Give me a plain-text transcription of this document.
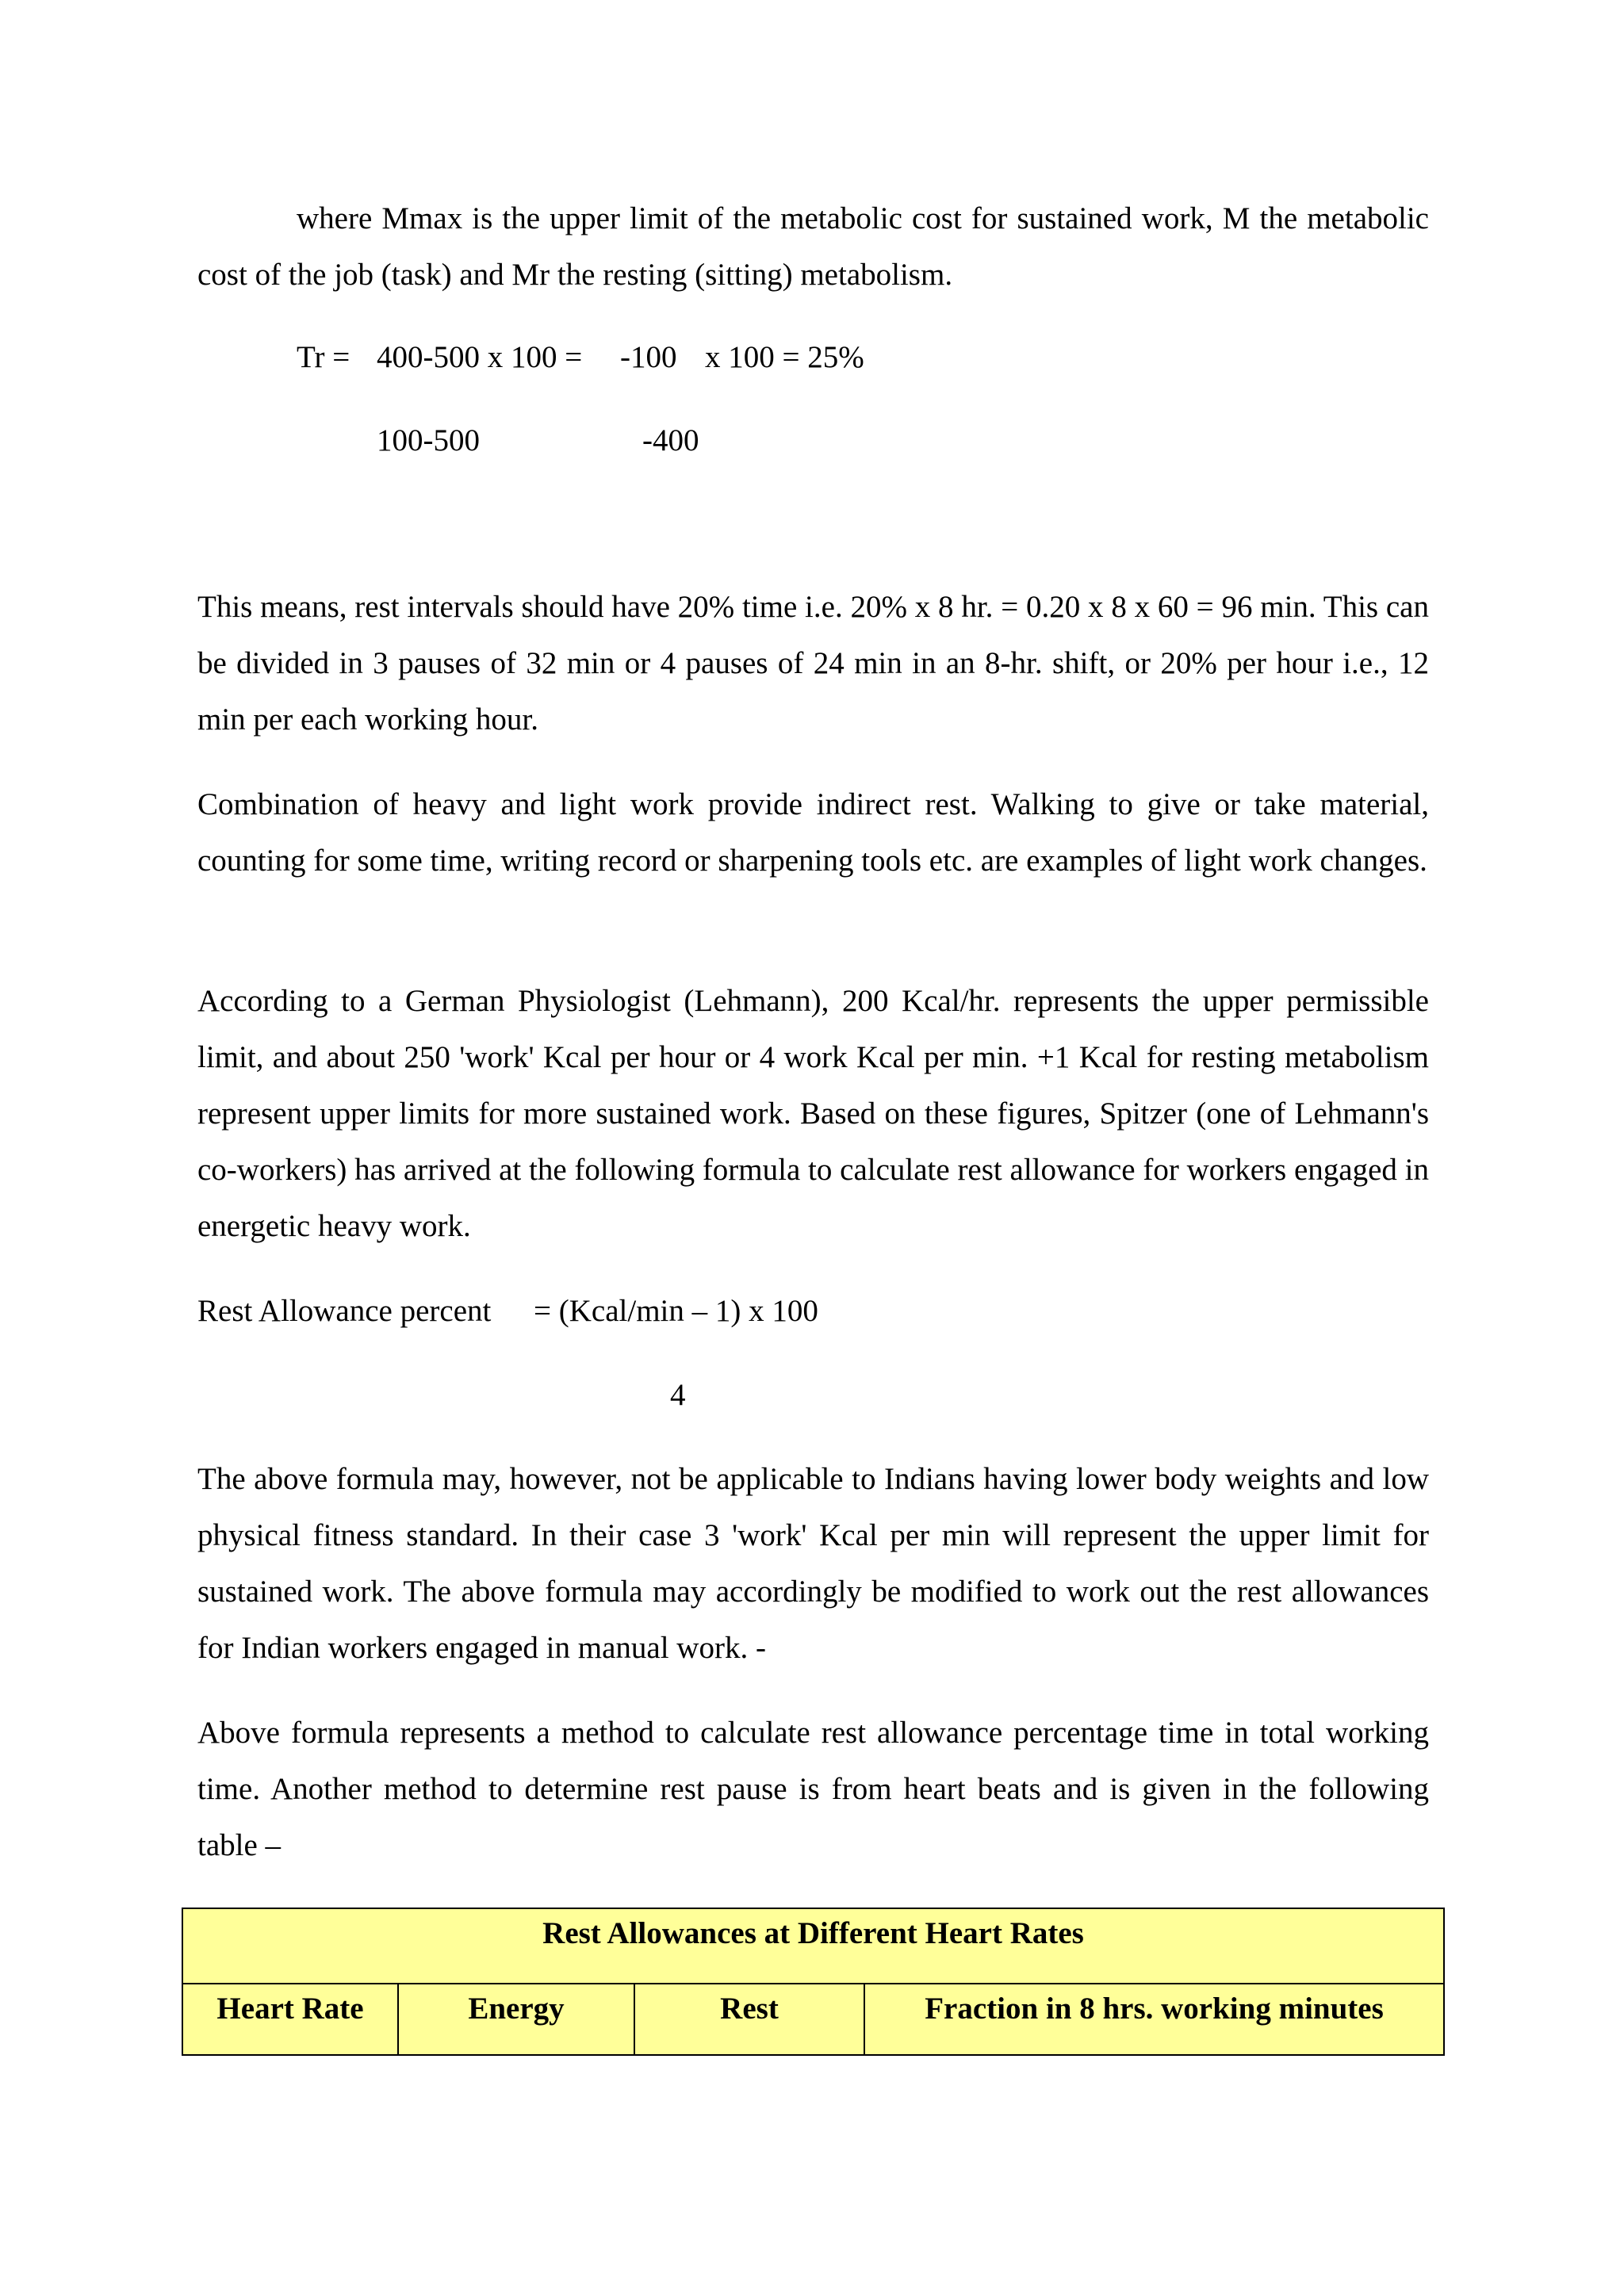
where Mmax is the upper limit of the metabolic cost for sustained work, M the metabolic cost of the job (task) and Mr the resting (sitting) metabolism.

Tr = 400-500 x 100 = -100 x 100 = 25%
100-500	-400

This means, rest intervals should have 20% time i.e. 20% x 8 hr. = 0.20 x 8 x 60 = 96 min. This can be divided in 3 pauses of 32 min or 4 pauses of 24 min in an 8-hr. shift, or 20% per hour i.e., 12 min per each working hour.

Combination of heavy and light work provide indirect rest. Walking to give or take material, counting for some time, writing record or sharpening tools etc. are examples of light work changes.

According to a German Physiologist (Lehmann), 200 Kcal/hr. represents the upper permissible limit, and about 250 'work' Kcal per hour or 4 work Kcal per min. +1 Kcal for resting metabolism represent upper limits for more sustained work. Based on these figures, Spitzer (one of Lehmann's co-workers) has arrived at the following formula to calculate rest allowance for workers engaged in energetic heavy work.

Rest Allowance percent = (Kcal/min – 1) x 100
4

The above formula may, however, not be applicable to Indians having lower body weights and low physical fitness standard. In their case 3 'work' Kcal per min will represent the upper limit for sustained work. The above formula may accordingly be modified to work out the rest allowances for Indian workers engaged in manual work. -

Above formula represents a method to calculate rest allowance percentage time in total working time. Another method to determine rest pause is from heart beats and is given in the following table –

Rest Allowances at Different Heart Rates
Heart Rate	Energy	Rest	Fraction in 8 hrs. working minutes
